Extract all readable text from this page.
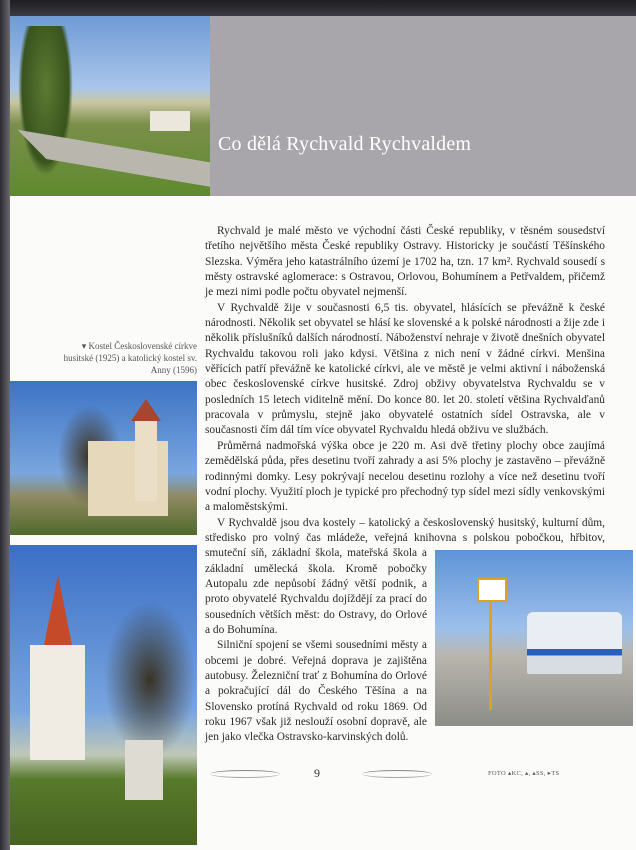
Co dělá Rychvald Rychvaldem
▾ Kostel Československé církve husitské (1925) a katolický kostel sv. Anny (1596)

Rychvald je malé město ve východní části České republiky, v těsném sousedství třetího největšího města České republiky Ostravy. Historicky je součástí Těšínského Slezska. Výměra jeho katastrálního území je 1702 ha, tzn. 17 km². Rychvald sousedí s městy ostravské aglomerace: s Ostravou, Orlovou, Bohumínem a Petřvaldem, přičemž je mezi nimi podle počtu obyvatel nejmenší.

V Rychvaldě žije v současnosti 6,5 tis. obyvatel, hlásících se převážně k české národnosti. Několik set obyvatel se hlásí ke slovenské a k polské národnosti a žije zde i několik příslušníků dalších národností. Náboženství nehraje v životě dnešních obyvatel Rychvaldu takovou roli jako kdysi. Většina z nich není v žádné církvi. Menšina věřících patří převážně ke katolické církvi, ale ve městě je velmi aktivní i náboženská obec československé církve husitské. Zdroj obživy obyvatelstva Rychvaldu se v posledních 15 letech viditelně mění. Do konce 80. let 20. století většina Rychvalďanů pracovala v průmyslu, stejně jako obyvatelé ostatních sídel Ostravska, ale v současnosti čím dál tím více obyvatel Rychvaldu hledá obživu ve službách.

Průměrná nadmořská výška obce je 220 m. Asi dvě třetiny plochy obce zaujímá zemědělská půda, přes desetinu tvoří zahrady a asi 5% plochy je zastavěno – převážně rodinnými domky. Lesy pokrývají necelou desetinu rozlohy a více než desetinu tvoří vodní plochy. Využití ploch je typické pro přechodný typ sídel mezi sídly venkovskými a maloměstskými.

V Rychvaldě jsou dva kostely – katolický a československý husitský, kulturní dům, středisko pro volný čas mládeže, veřejná knihovna s polskou pobočkou, hřbitov, smuteční síň, základní škola, mateřská škola a základní umělecká škola. Kromě pobočky Autopalu zde nepůsobí žádný větší podnik, a proto obyvatelé Rychvaldu dojíždějí za prací do sousedních větších měst: do Ostravy, do Orlové a do Bohumína.

Silniční spojení se všemi sousedními městy a obcemi je dobré. Veřejná doprava je zajištěna autobusy. Železniční trať z Bohumína do Orlové a pokračující dál do Českého Těšína a na Slovensko protíná Rychvald od roku 1869. Od roku 1967 však již neslouží osobní dopravě, ale jen jako vlečka Ostravsko-karvinských dolů.

9	FOTO ▴KC, ▴, ▴SS, ▸TS
